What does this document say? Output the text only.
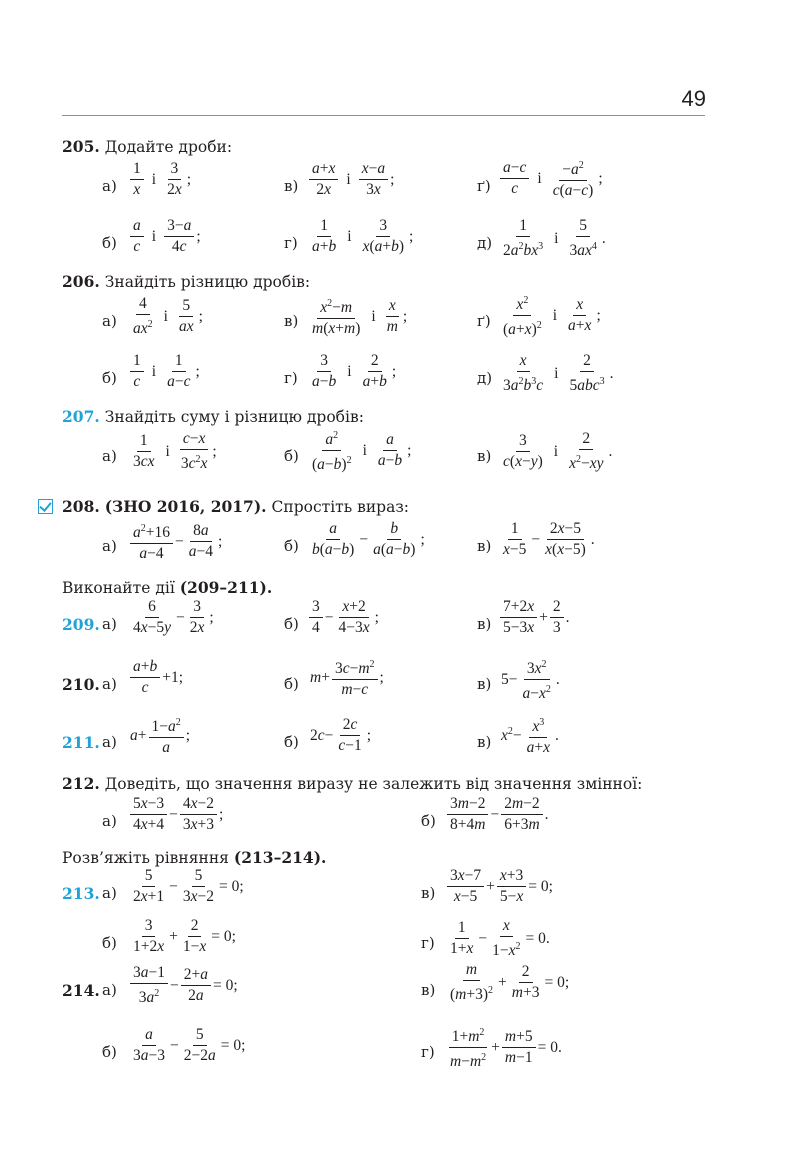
49
205. Додайте дроби:
$а) \frac{1}{x}$ і $\frac{3}{2x}$ ;	$в) \frac{a+x}{2x}$ і $\frac{x-a}{3x}$ ;	$ґ) \frac{a-c}{c}$ і $\frac{-a^2}{c(a-c)}$ ;
$б) \frac{a}{c}$ і $\frac{3-a}{4c}$ ;	$г) \frac{1}{a+b}$ і $\frac{3}{x(a+b)}$ ;	$д) \frac{1}{2a^2bx^3}$ і $\frac{5}{3ax^4}$ .
206. Знайдіть різницю дробів:
$а) \frac{4}{ax^2}$ і $\frac{5}{ax}$ ;	$в) \frac{x^2-m}{m(x+m)}$ і $\frac{x}{m}$ ;	$ґ) \frac{x^2}{(a+x)^2}$ і $\frac{x}{a+x}$ ;
$б) \frac{1}{c}$ і $\frac{1}{a-c}$ ;	$г) \frac{3}{a-b}$ і $\frac{2}{a+b}$ ;	$д) \frac{x}{3a^2b^3c}$ і $\frac{2}{5abc^3}$ .
207. Знайдіть суму і різницю дробів:
$а) \frac{1}{3cx}$ і $\frac{c-x}{3c^2x}$ ;	$б) \frac{a^2}{(a-b)^2}$ і $\frac{a}{a-b}$ ;	$в) \frac{3}{c(x-y)}$ і $\frac{2}{x^2-xy}$ .
208. (ЗНО 2016, 2017). Спростіть вираз:
$а) \frac{a^2+16}{a-4} - \frac{8a}{a-4}$ ;	$б) \frac{a}{b(a-b)} - \frac{b}{a(a-b)}$ ;	$в) \frac{1}{x-5} - \frac{2x-5}{x(x-5)}$ .
Виконайте дії (209–211).
209. $а) \frac{6}{4x-5y} - \frac{3}{2x}$ ;	$б) \frac{3}{4} - \frac{x+2}{4-3x}$ ;	$в) \frac{7+2x}{5-3x} + \frac{2}{3}$ .
210. $а) \frac{a+b}{c} +1$;	б) $m + \frac{3c-m^2}{m-c}$ ;	в) $5- \frac{3x^2}{a-x^2}$ .
211. а) $a + \frac{1-a^2}{a}$ ;	б) 2 $c - \frac{2c}{c-1}$ ;	в) $x^2 - \frac{x^3}{a+x}$ .
212. Доведіть, що значення виразу не залежить від значення змінної:
$а) \frac{5x-3}{4x+4} - \frac{4x-2}{3x+3}$ ;	$б) \frac{3m-2}{8+4m} - \frac{2m-2}{6+3m}$ .
Розв’яжіть рівняння (213–214).
213. $а) \frac{5}{2x+1} - \frac{5}{3x-2} = 0$;	$в) \frac{3x-7}{x-5} + \frac{x+3}{5-x} = 0$;
$б) \frac{3}{1+2x} + \frac{2}{1-x} = 0$;	$г) \frac{1}{1+x} - \frac{x}{1-x^2} = 0$.
214. $а) \frac{3a-1}{3a^2} - \frac{2+a}{2a} = 0$;	$в) \frac{m}{(m+3)^2} + \frac{2}{m+3} = 0$;
$б) \frac{a}{3a-3} - \frac{5}{2-2a} = 0$;	$г) \frac{1+m^2}{m-m^2} + \frac{m+5}{m-1} = 0$.
